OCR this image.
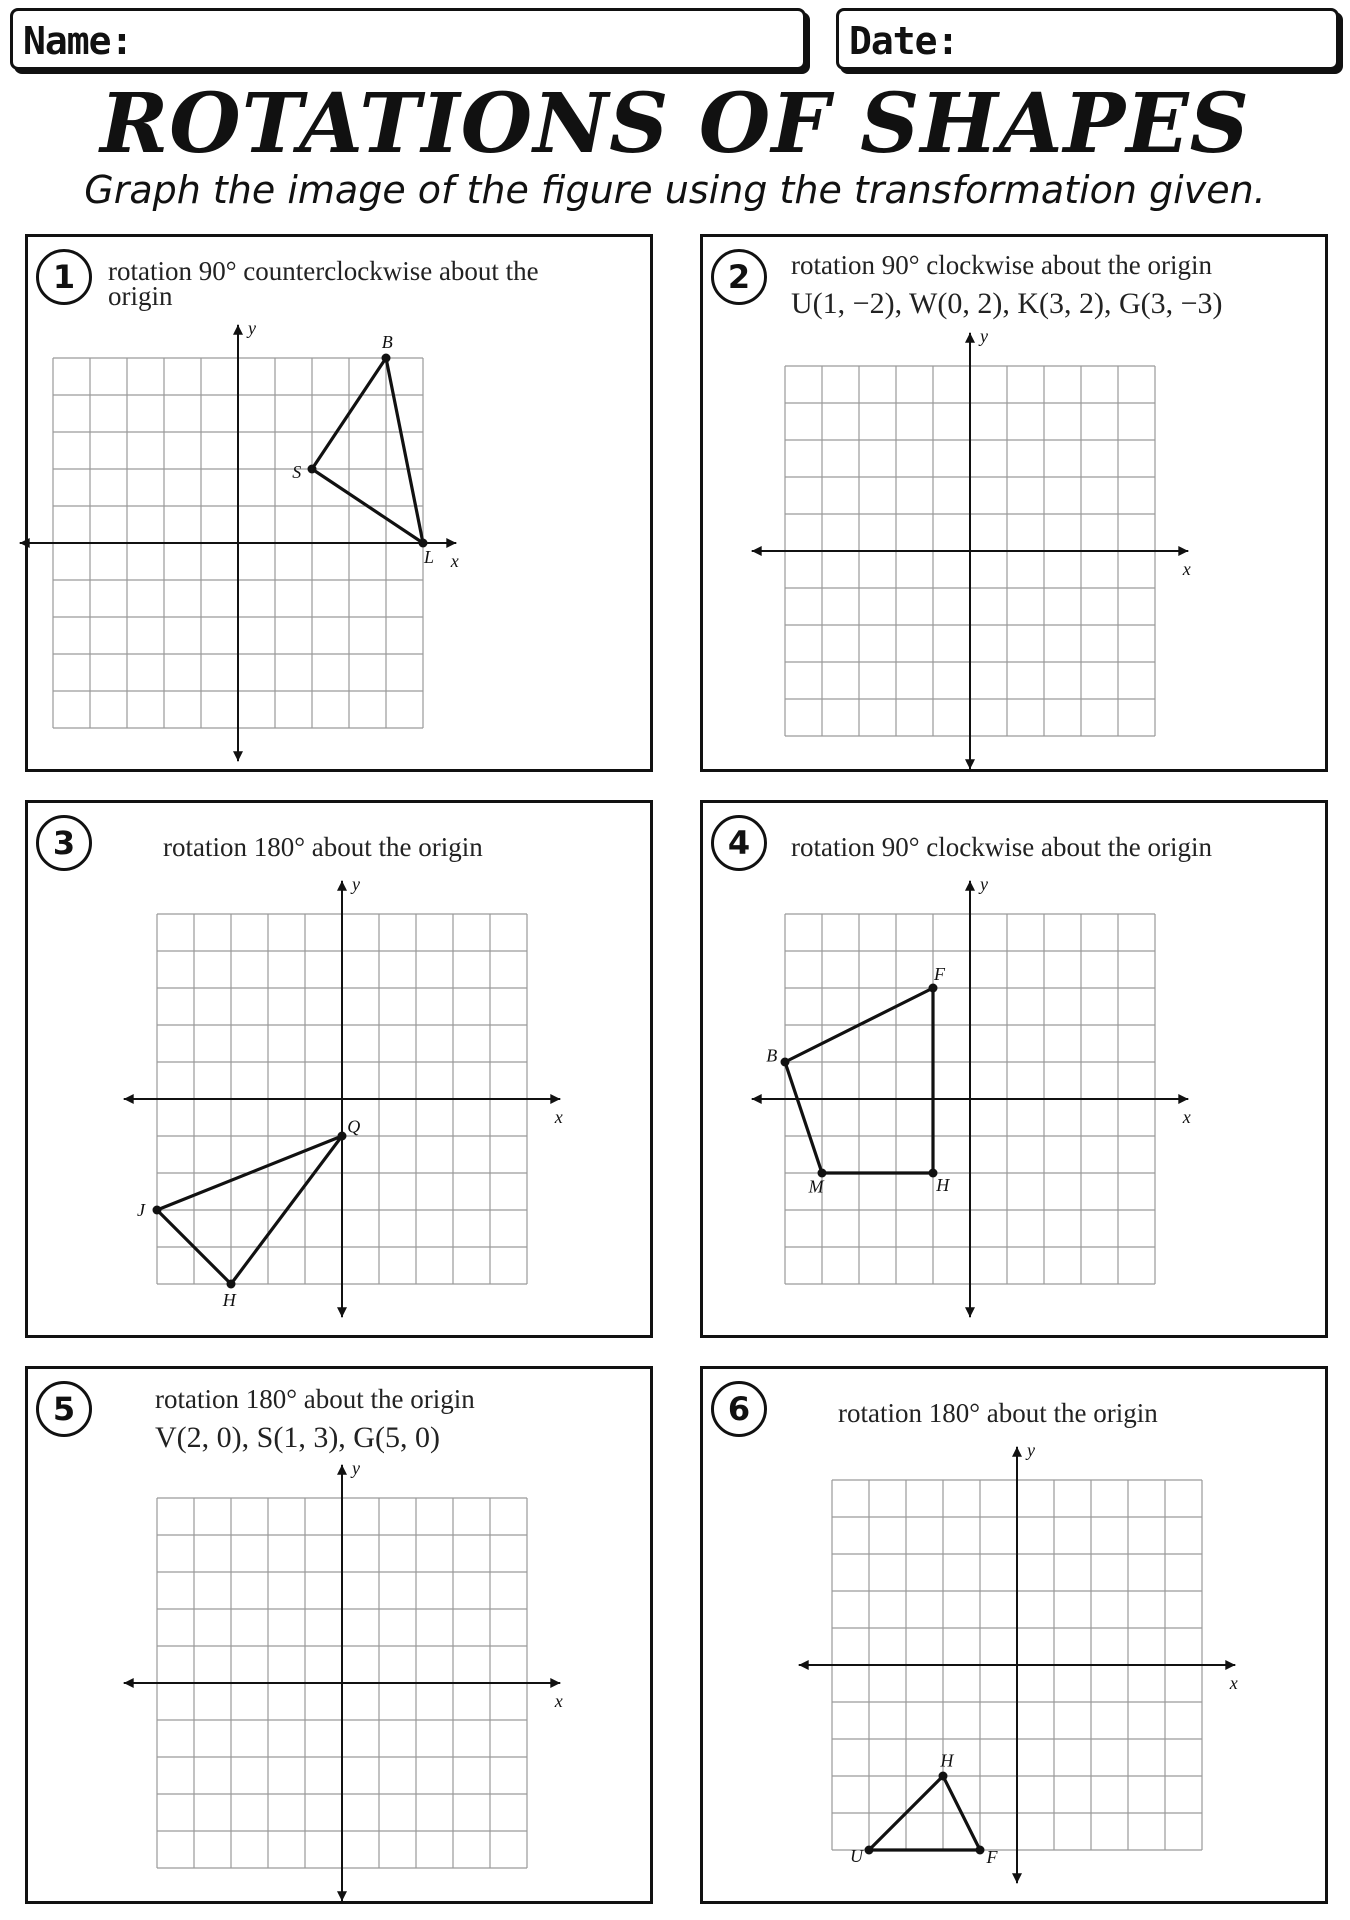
Name:	Date:
ROTATIONS OF SHAPES
Graph the image of the figure using the transformation given.
1	rotation 90° counterclockwise about the
origin
x
y
B
S
L
2	rotation 90° clockwise about the origin
U(1, −2), W(0, 2), K(3, 2), G(3, −3)
x
y
3	rotation 180° about the origin
x
y
Q
J
H
4	rotation 90° clockwise about the origin
x
y
F
B
M	H
5	rotation 180° about the origin
V(2, 0), S(1, 3), G(5, 0)
x
y
6	rotation 180° about the origin
x
y
H
U	F
